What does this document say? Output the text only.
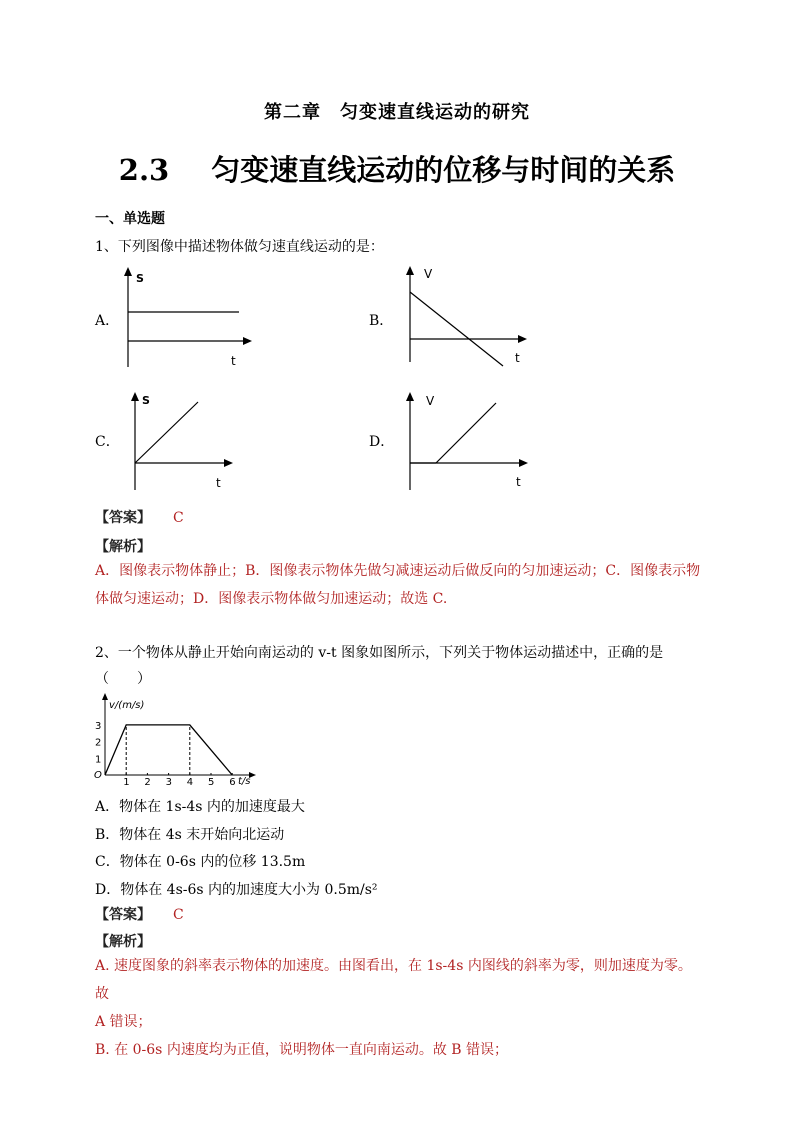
第二章　匀变速直线运动的研究
2.3 匀变速直线运动的位移与时间的关系
一、单选题
1、下列图像中描述物体做匀速直线运动的是：
A．
S
t
B．
V
t
C．
S
t
D．
V
t
【答案】 C
【解析】
A．图像表示物体静止；B．图像表示物体先做匀减速运动后做反向的匀加速运动；C．图像表示物
体做匀速运动；D．图像表示物体做匀加速运动；故选 C.
2、一个物体从静止开始向南运动的 v-t 图象如图所示，下列关于物体运动描述中，正确的是
（　　）
v/(m/s)
t/s
O
1 2 3 4 5 6
1
2
3
A．物体在 1s-4s 内的加速度最大
B．物体在 4s 末开始向北运动
C．物体在 0-6s 内的位移 13.5m
D．物体在 4s-6s 内的加速度大小为 0.5m/s²
【答案】 C
【解析】
A. 速度图象的斜率表示物体的加速度。由图看出，在 1s-4s 内图线的斜率为零，则加速度为零。故
A 错误；
B. 在 0-6s 内速度均为正值，说明物体一直向南运动。故 B 错误；
